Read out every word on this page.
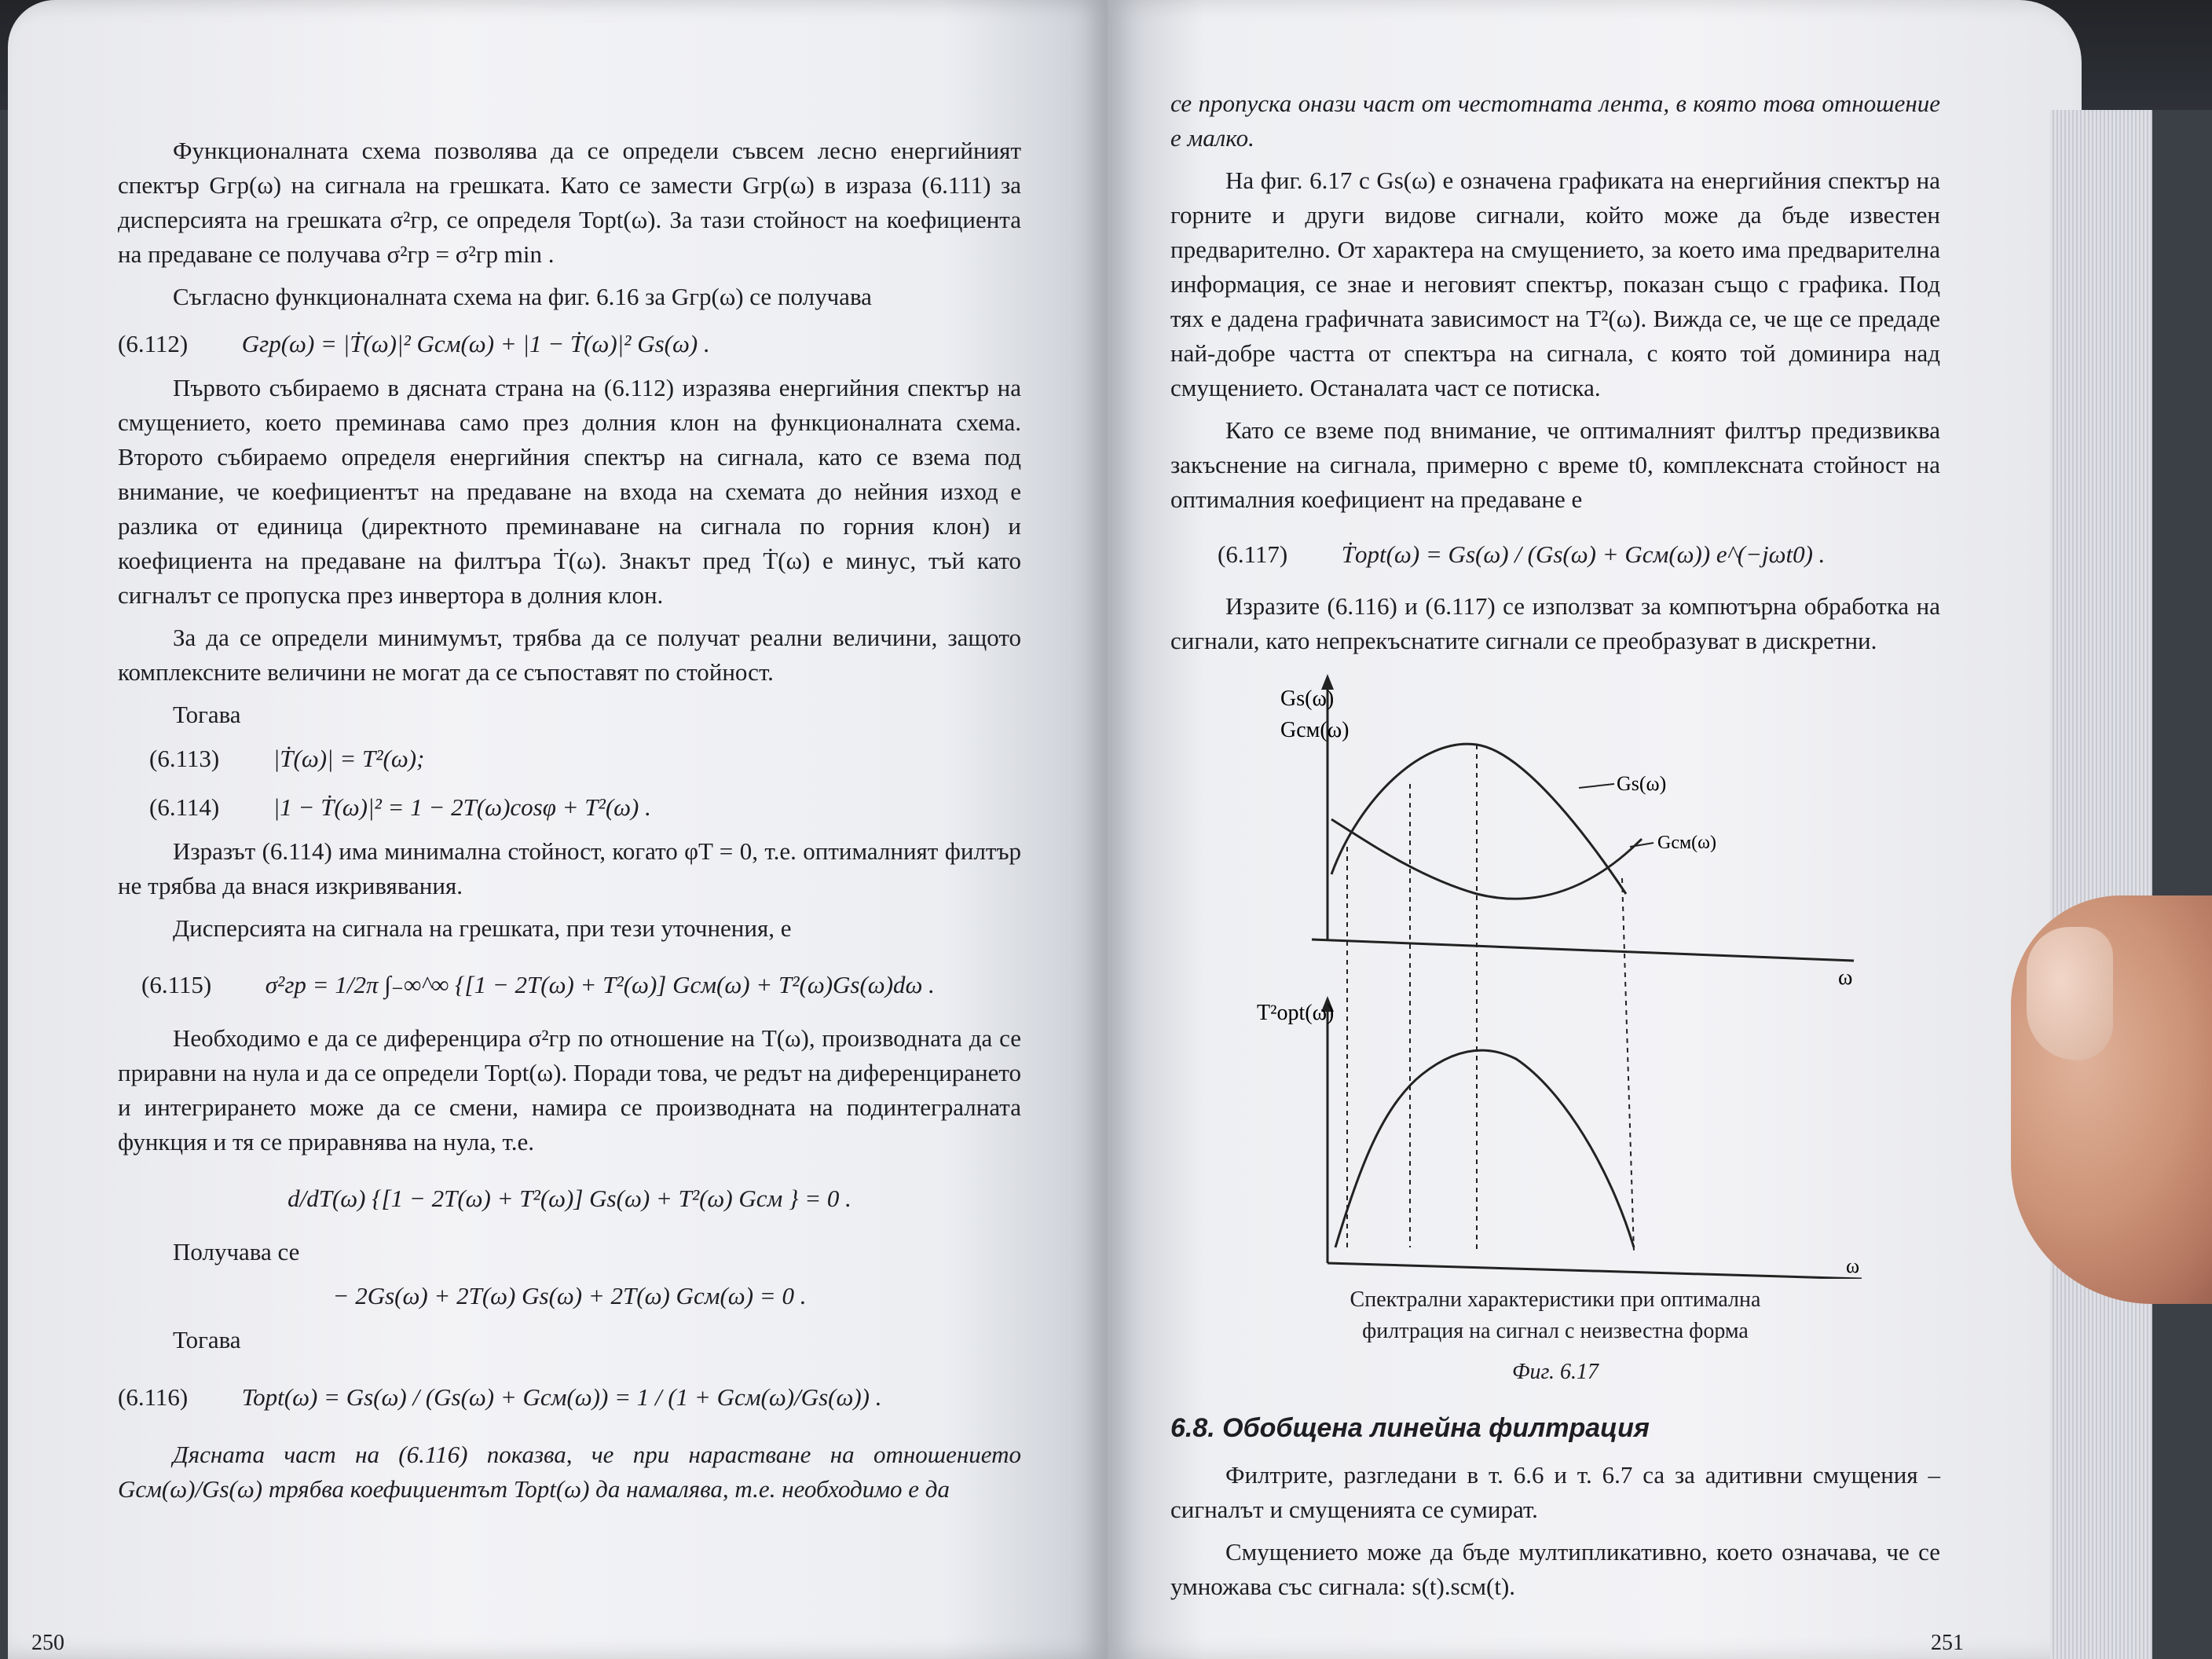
Функционалната схема позволява да се определи съвсем лесно енергийният спектър Gгр(ω) на сигнала на грешката. Като се замести Gгр(ω) в израза (6.111) за дисперсията на грешката σ²гр, се определя Topt(ω). За тази стойност на коефициента на предаване се получава σ²гр = σ²гр min .

Съгласно функционалната схема на фиг. 6.16 за Gгр(ω) се получава

(6.112) Gгр(ω) = |Ṫ(ω)|² Gсм(ω) + |1 − Ṫ(ω)|² Gs(ω) .

Първото събираемо в дясната страна на (6.112) изразява енергийния спектър на смущението, което преминава само през долния клон на функционалната схема. Второто събираемо определя енергийния спектър на сигнала, като се вземa под внимание, че коефициентът на предаване на входа на схемата до нейния изход е разлика от единица (директното преминаване на сигнала по горния клон) и коефициента на предаване на филтъра Ṫ(ω). Знакът пред Ṫ(ω) е минус, тъй като сигналът се пропуска през инвертора в долния клон.

За да се определи минимумът, трябва да се получат реални величини, защото комплексните величини не могат да се съпоставят по стойност.

Тогава

(6.113) |Ṫ(ω)| = T²(ω);
(6.114) |1 − Ṫ(ω)|² = 1 − 2T(ω)cosφ + T²(ω) .

Изразът (6.114) има минимална стойност, когато φT = 0, т.е. оптималният филтър не трябва да внася изкривявания.

Дисперсията на сигнала на грешката, при тези уточнения, е

(6.115) σ²гр = 1/2π ∫₋∞^∞ {[1 − 2T(ω) + T²(ω)] Gсм(ω) + T²(ω)Gs(ω)dω .

Необходимо е да се диференцира σ²гр по отношение на T(ω), производната да се приравни на нула и да се определи Topt(ω). Поради това, че редът на диференцирането и интегрирането може да се смени, намира се производната на подинтегралната функция и тя се приравнява на нула, т.е.

d/dT(ω) {[1 − 2T(ω) + T²(ω)] Gs(ω) + T²(ω) Gсм } = 0 .

Получава се

− 2Gs(ω) + 2T(ω) Gs(ω) + 2T(ω) Gсм(ω) = 0 .

Тогава

(6.116) Topt(ω) = Gs(ω) / (Gs(ω) + Gсм(ω)) = 1 / (1 + Gсм(ω)/Gs(ω)) .

Дясната част на (6.116) показва, че при нарастване на отношението Gсм(ω)/Gs(ω) трябва коефициентът Topt(ω) да намалява, т.е. необходимо е да

250

се пропуска онази част от честотната лента, в която това отношение е малко.

На фиг. 6.17 с Gs(ω) е означена графиката на енергийния спектър на горните и други видове сигнали, който може да бъде известен предварително. От характера на смущението, за което има предварителна информация, се знае и неговият спектър, показан също с графика. Под тях е дадена графичната зависимост на T²(ω). Вижда се, че ще се предаде най-добре частта от спектъра на сигнала, с която той доминира над смущението. Останалата част се потиска.

Като се вземе под внимание, че оптималният филтър предизвиква закъснение на сигнала, примерно с време t0, комплексната стойност на оптималния коефициент на предаване е

(6.117) Ṫopt(ω) = Gs(ω) / (Gs(ω) + Gсм(ω)) e^(−jωt0) .

Изразите (6.116) и (6.117) се използват за компютърна обработка на сигнали, като непрекъснатите сигнали се преобразуват в дискретни.

Gs(ω)
Gсм(ω)
Gs(ω)
Gсм(ω)
ω
T²opt(ω)
ω
Спектрални характеристики при оптимална
филтрация на сигнал с неизвестна форма
Фиг. 6.17
6.8. Обобщена линейна филтрация

Филтрите, разгледани в т. 6.6 и т. 6.7 са за адитивни смущения – сигналът и смущенията се сумират.

Смущението може да бъде мултипликативно, което означава, че се умножава със сигнала: s(t).sсм(t).

251
